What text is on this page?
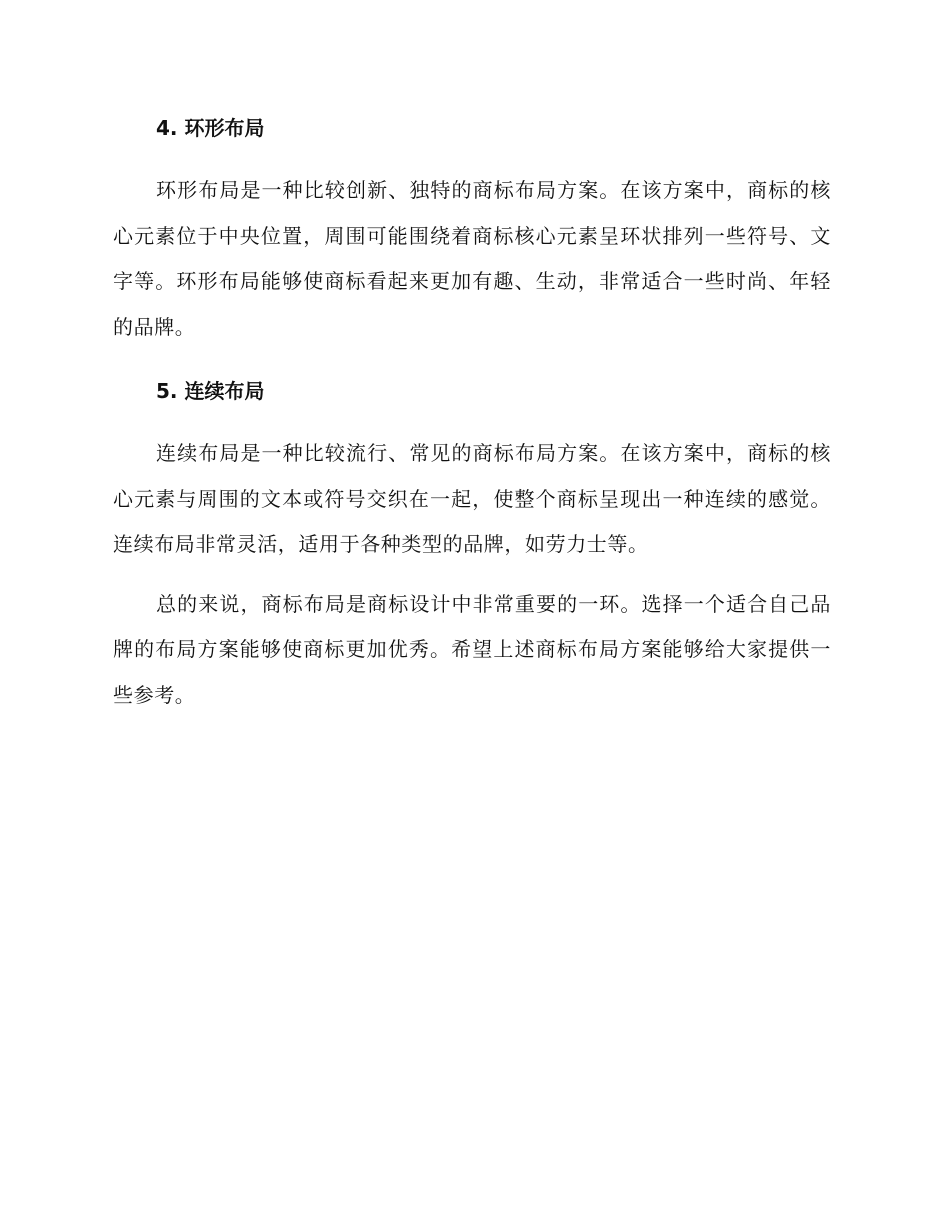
4. 环形布局

环形布局是一种比较创新、独特的商标布局方案。在该方案中，商标的核心元素位于中央位置，周围可能围绕着商标核心元素呈环状排列一些符号、文字等。环形布局能够使商标看起来更加有趣、生动，非常适合一些时尚、年轻的品牌。

5. 连续布局

连续布局是一种比较流行、常见的商标布局方案。在该方案中，商标的核心元素与周围的文本或符号交织在一起，使整个商标呈现出一种连续的感觉。连续布局非常灵活，适用于各种类型的品牌，如劳力士等。

总的来说，商标布局是商标设计中非常重要的一环。选择一个适合自己品牌的布局方案能够使商标更加优秀。希望上述商标布局方案能够给大家提供一些参考。
